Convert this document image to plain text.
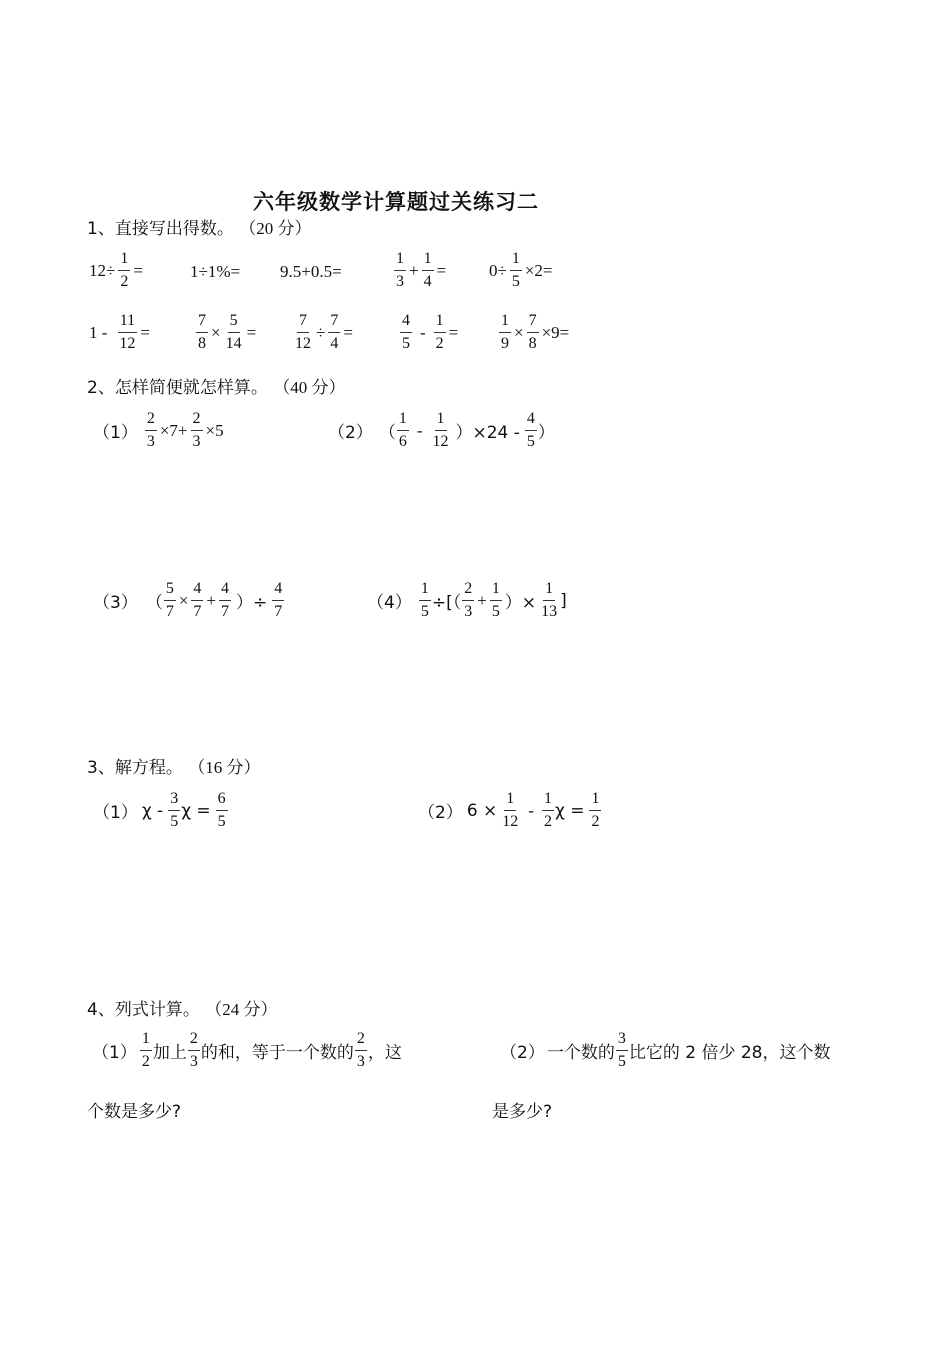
六年级数学计算题过关练习二
1、直接写出得数。 （20 分）
$12\div \frac{1}{2}$ =	1÷1%= 9.5+0.5=	$\frac{1}{3} + \frac{1}{4}$ =	$0\div \frac{1}{5} \times 2=$
$1 - \frac{11}{12}$ =	$\frac{7}{8} \times \frac{5}{14} = \frac{7}{12} \div \frac{7}{4}$ =	$\frac{4}{5} - \frac{1}{2}$ =	$\frac{1}{9} \times \frac{7}{8} \times 9=$
2、怎样简便就怎样算。 （40 分）
$(1) \frac{2}{3} \times 7+ \frac{2}{3} \times 5$	（2） （ $\frac{1}{6} - \frac{1}{12} )\times 24 - \frac{4}{5}$ ）
（3） （ $\frac{5}{7} \times \frac{4}{7} + \frac{4}{7}$ ）÷ $\frac{4}{7}$	$(4) \frac{1}{5}$ ÷[（ $\frac{2}{3} + \frac{1}{5}$ ）× $\frac{1}{13}$ ]
3、解方程。 （16 分）
（1） χ - $\frac{3}{5}$ $\chi = \frac{6}{5}$	（2） $6 \times \frac{1}{12} - \frac{1}{2}$ $\chi = \frac{1}{2}$
4、列式计算。 （24 分）
$(1) \frac{1}{2}$ 加上 $\frac{2}{3}$ 的和，等于一个数的 $\frac{2}{3}$ ，这
个数是多少?
（2） 一个数的 $\frac{3}{5}$ 比它的 2 倍少 28，这个数
是多少?
